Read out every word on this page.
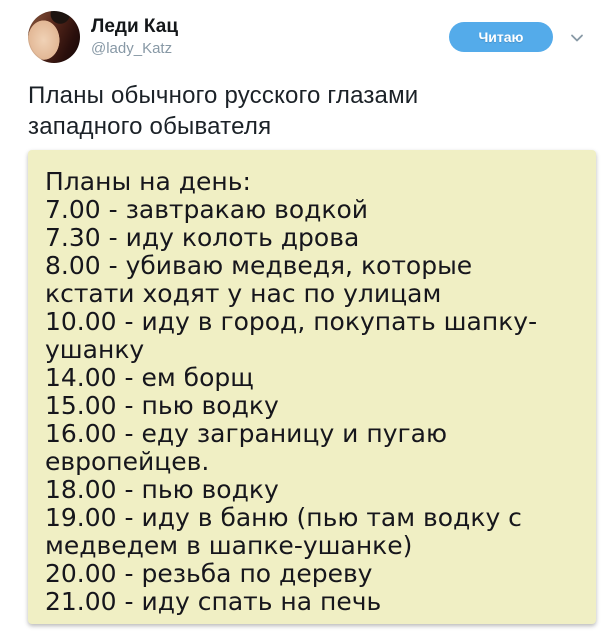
Леди Кац
@lady_Katz
Читаю
Планы обычного русского глазами западного обывателя
Планы на день:
7.00 - завтракаю водкой
7.30 - иду колоть дрова
8.00 - убиваю медведя, которые
кстати ходят у нас по улицам
10.00 - иду в город, покупать шапку-
ушанку
14.00 - ем борщ
15.00 - пью водку
16.00 - еду заграницу и пугаю
европейцев.
18.00 - пью водку
19.00 - иду в баню (пью там водку с
медведем в шапке-ушанке)
20.00 - резьба по дереву
21.00 - иду спать на печь
